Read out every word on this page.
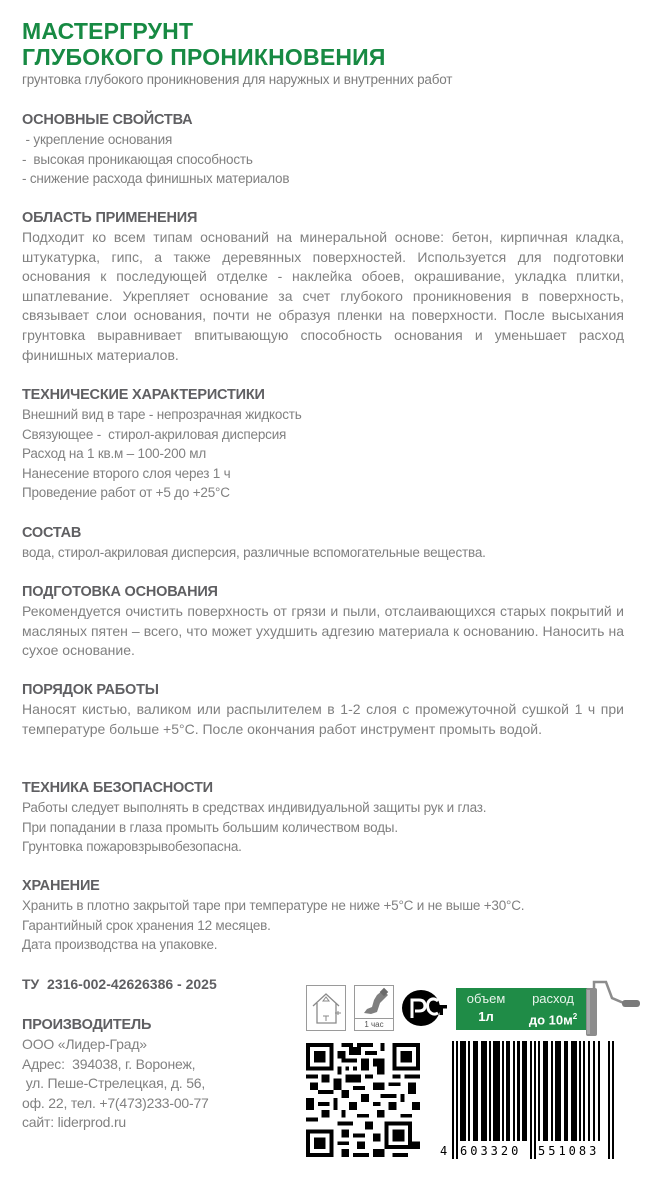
МАСТЕРГРУНТ
ГЛУБОКОГО ПРОНИКНОВЕНИЯ
грунтовка глубокого проникновения для наружных и внутренних работ
ОСНОВНЫЕ СВОЙСТВА
- укрепление основания
-  высокая проникающая способность
- снижение расхода финишных материалов
ОБЛАСТЬ ПРИМЕНЕНИЯ
Подходит ко всем типам оснований на минеральной основе: бетон, кирпичная кладка, штукатурка, гипс, а также деревянных поверхностей. Используется для подготовки основания к последующей отделке - наклейка обоев, окрашивание, укладка плитки, шпатлевание. Укрепляет основание за счет глубокого проникновения в поверхность, связывает слои основания, почти не образуя пленки на поверхности. После высыхания грунтовка выравнивает впитывающую способность основания и уменьшает расход финишных материалов.
ТЕХНИЧЕСКИЕ ХАРАКТЕРИСТИКИ
Внешний вид в таре - непрозрачная жидкость
Связующее -  стирол-акриловая дисперсия
Расход на 1 кв.м – 100-200 мл
Нанесение второго слоя через 1 ч
Проведение работ от +5 до +25°С
СОСТАВ
вода, стирол-акриловая дисперсия, различные вспомогательные вещества.
ПОДГОТОВКА ОСНОВАНИЯ
Рекомендуется очистить поверхность от грязи и пыли, отслаивающихся старых покрытий и масляных пятен – всего, что может ухудшить адгезию материала к основанию. Наносить на сухое основание.
ПОРЯДОК РАБОТЫ
Наносят кистью, валиком или распылителем в 1-2 слоя с промежуточной сушкой 1 ч при температуре больше +5°С. После окончания работ инструмент промыть водой.
ТЕХНИКА БЕЗОПАСНОСТИ
Работы следует выполнять в средствах индивидуальной защиты рук и глаз.
При попадании в глаза промыть большим количеством воды.
Грунтовка пожаровзрывобезопасна.
ХРАНЕНИЕ
Хранить в плотно закрытой таре при температуре не ниже +5°С и не выше +30°С.
Гарантийный срок хранения 12 месяцев.
Дата производства на упаковке.
ТУ  2316-002-42626386 - 2025
ПРОИЗВОДИТЕЛЬ
ООО «Лидер-Град»
Адрес:  394038, г. Воронеж,
ул. Пеше-Стрелецкая, д. 56,
оф. 22, тел. +7(473)233-00-77
сайт: liderprod.ru
1 час
объем
1л
расход
до $10м^2$
4 603320 551083
